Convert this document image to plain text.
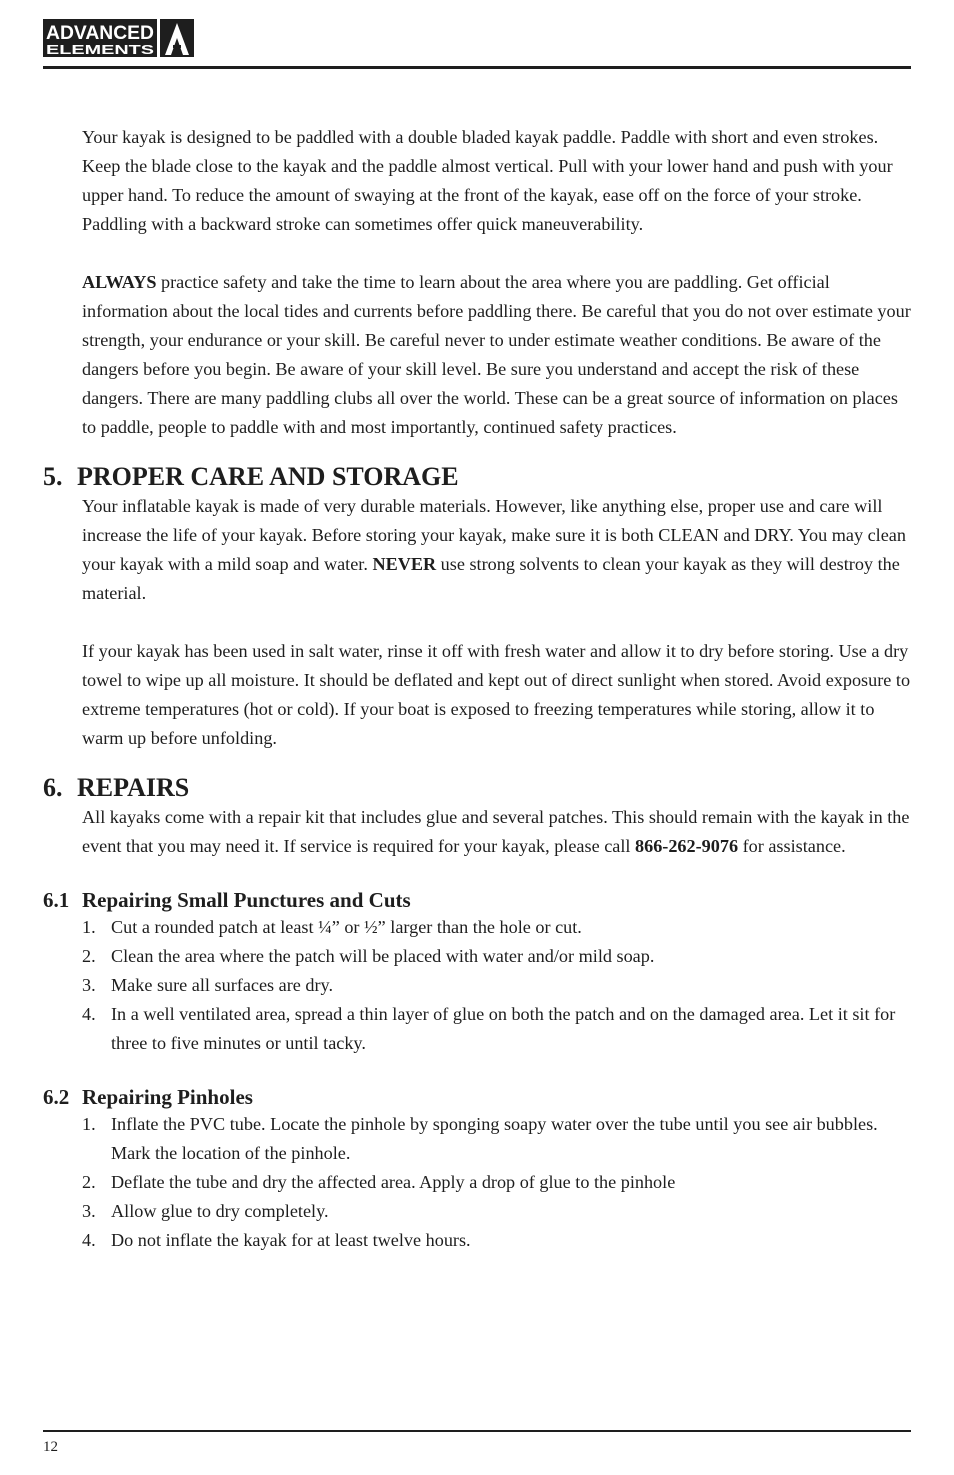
ADVANCED
ELEMENTS

Your kayak is designed to be paddled with a double bladed kayak paddle. Paddle with short and even strokes. Keep the blade close to the kayak and the paddle almost vertical. Pull with your lower hand and push with your upper hand. To reduce the amount of swaying at the front of the kayak, ease off on the force of your stroke. Paddling with a backward stroke can sometimes offer quick maneuverability.

ALWAYS practice safety and take the time to learn about the area where you are paddling. Get official information about the local tides and currents before paddling there. Be careful that you do not over estimate your strength, your endurance or your skill. Be careful never to under estimate weather conditions. Be aware of the dangers before you begin. Be aware of your skill level. Be sure you understand and accept the risk of these dangers. There are many paddling clubs all over the world. These can be a great source of information on places to paddle, people to paddle with and most importantly, continued safety practices.

5. PROPER CARE AND STORAGE

Your inflatable kayak is made of very durable materials. However, like anything else, proper use and care will increase the life of your kayak. Before storing your kayak, make sure it is both CLEAN and DRY. You may clean your kayak with a mild soap and water. NEVER use strong solvents to clean your kayak as they will destroy the material.

If your kayak has been used in salt water, rinse it off with fresh water and allow it to dry before storing. Use a dry towel to wipe up all moisture. It should be deflated and kept out of direct sunlight when stored. Avoid exposure to extreme temperatures (hot or cold). If your boat is exposed to freezing temperatures while storing, allow it to warm up before unfolding.

6. REPAIRS

All kayaks come with a repair kit that includes glue and several patches. This should remain with the kayak in the event that you may need it. If service is required for your kayak, please call 866-262-9076 for assistance.

6.1 Repairing Small Punctures and Cuts
1. Cut a rounded patch at least ¼” or ½” larger than the hole or cut.
2. Clean the area where the patch will be placed with water and/or mild soap.
3. Make sure all surfaces are dry.
4. In a well ventilated area, spread a thin layer of glue on both the patch and on the damaged area. Let it sit for three to five minutes or until tacky.
6.2 Repairing Pinholes
1. Inflate the PVC tube. Locate the pinhole by sponging soapy water over the tube until you see air bubbles. Mark the location of the pinhole.
2. Deflate the tube and dry the affected area. Apply a drop of glue to the pinhole
3. Allow glue to dry completely.
4. Do not inflate the kayak for at least twelve hours.
12
